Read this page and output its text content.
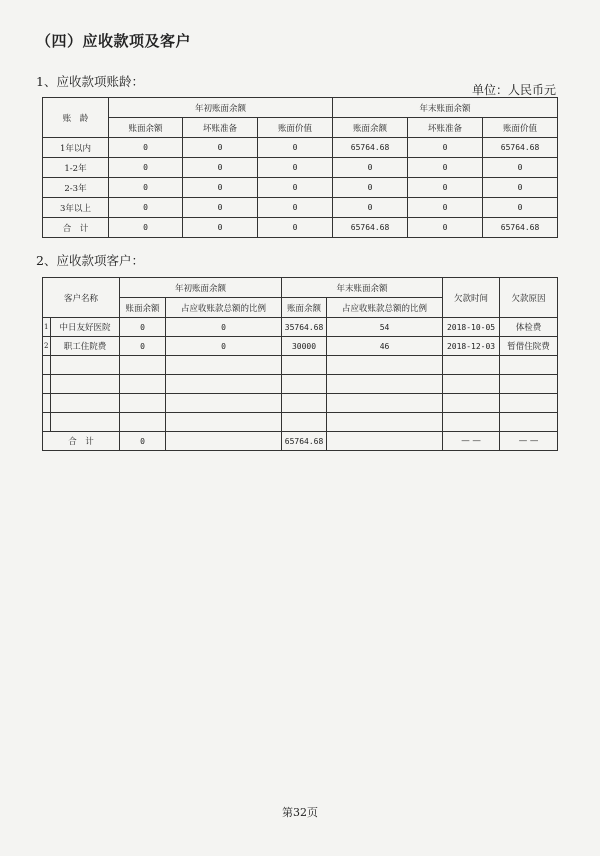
（四）应收款项及客户
1、应收款项账龄：
单位：人民币元
账　龄	年初账面余额			年末账面余额		
	账面余额	坏账准备	账面价值	账面余额	坏账准备	账面价值
1年以内	0	0	0	65764.68	0	65764.68
1-2年	0	0	0	0	0	0
2-3年	0	0	0	0	0	0
3年以上	0	0	0	0	0	0
合　计	0	0	0	65764.68	0	65764.68
2、应收款项客户：
客户名称		年初账面余额		年末账面余额		欠款时间	欠款原因
		账面余额	占应收账款总额的比例	账面余额	占应收账款总额的比例		
1	中日友好医院	0	0	35764.68	54	2018-10-05	体检费
2	职工住院费	0	0	30000	46	2018-12-03	暂借住院费

合　计		0		65764.68		— —	— —
第32页
